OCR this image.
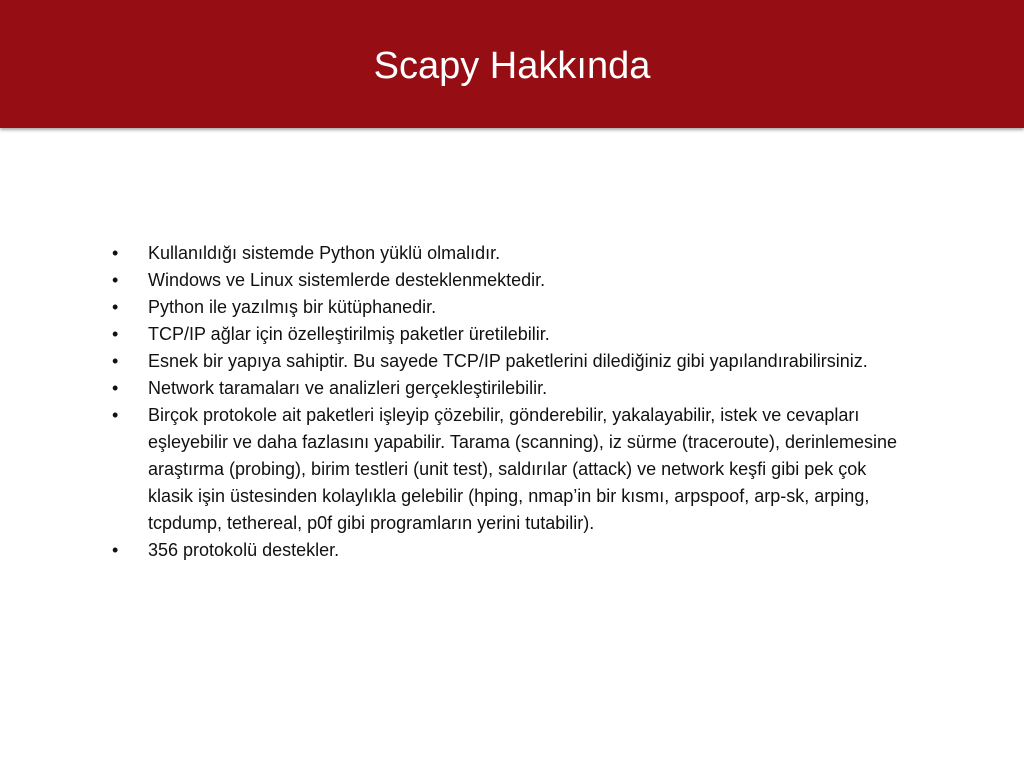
Scapy Hakkında
• Kullanıldığı sistemde Python yüklü olmalıdır.
• Windows ve Linux sistemlerde desteklenmektedir.
• Python ile yazılmış bir kütüphanedir.
• TCP/IP ağlar için özelleştirilmiş paketler üretilebilir.
• Esnek bir yapıya sahiptir. Bu sayede TCP/IP paketlerini dilediğiniz gibi yapılandırabilirsiniz.
• Network taramaları ve analizleri gerçekleştirilebilir.
• Birçok protokole ait paketleri işleyip çözebilir, gönderebilir, yakalayabilir, istek ve cevapları eşleyebilir ve daha fazlasını yapabilir. Tarama (scanning), iz sürme (traceroute), derinlemesine araştırma (probing), birim testleri (unit test), saldırılar (attack) ve network keşfi gibi pek çok klasik işin üstesinden kolaylıkla gelebilir (hping, nmap’in bir kısmı, arpspoof, arp-sk, arping, tcpdump, tethereal, p0f gibi programların yerini tutabilir).
• 356 protokolü destekler.
